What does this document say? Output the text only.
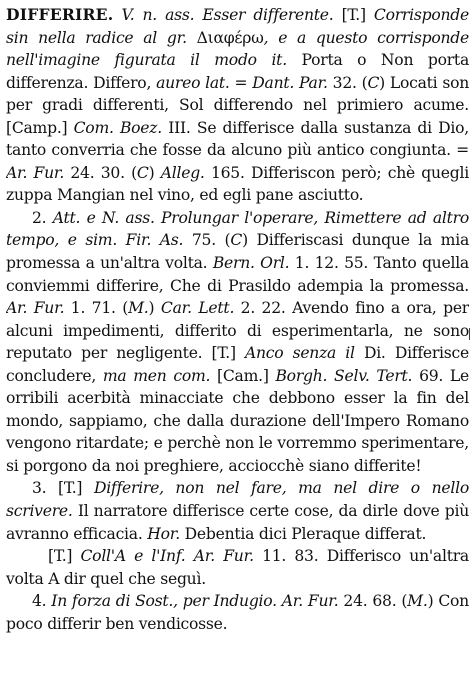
DIFFERIRE. V. n. ass. Esser differente. [T.] Corrisponde sin nella radice al gr. Διαφέρω, e a questo corrisponde nell'imagine figurata il modo it. Porta o Non porta differenza. Differo, aureo lat. = Dant. Par. 32. (C) Locati son per gradi differenti, Sol differendo nel primiero acume. [Camp.] Com. Boez. III. Se differisce dalla sustanza di Dio, tanto converria che fosse da alcuno più antico congiunta. = Ar. Fur. 24. 30. (C) Alleg. 165. Differiscon però; chè quegli zuppa Mangian nel vino, ed egli pane asciutto.

2. Att. e N. ass. Prolungar l'operare, Rimettere ad altro tempo, e sim. Fir. As. 75. (C) Differiscasi dunque la mia promessa a un'altra volta. Bern. Orl. 1. 12. 55. Tanto quella conviemmi differire, Che di Prasildo adempia la promessa. Ar. Fur. 1. 71. (M.) Car. Lett. 2. 22. Avendo fino a ora, per alcuni impedimenti, differito di esperimentarla, ne sono reputato per negligente. [T.] Anco senza il Di. Differisce concludere, ma men com. [Cam.] Borgh. Selv. Tert. 69. Le orribili acerbità minacciate che debbono esser la fin del mondo, sappiamo, che dalla durazione dell'Impero Romano vengono ritardate; e perchè non le vorremmo sperimentare, si porgono da noi preghiere, acciocchè siano differite!

3. [T.] Differire, non nel fare, ma nel dire o nello scrivere. Il narratore differisce certe cose, da dirle dove più avranno efficacia. Hor. Debentia dici Pleraque differat.

[T.] Coll'A e l'Inf. Ar. Fur. 11. 83. Differisco un'altra volta A dir quel che seguì.

4. In forza di Sost., per Indugio. Ar. Fur. 24. 68. (M.) Con poco differir ben vendicosse.
